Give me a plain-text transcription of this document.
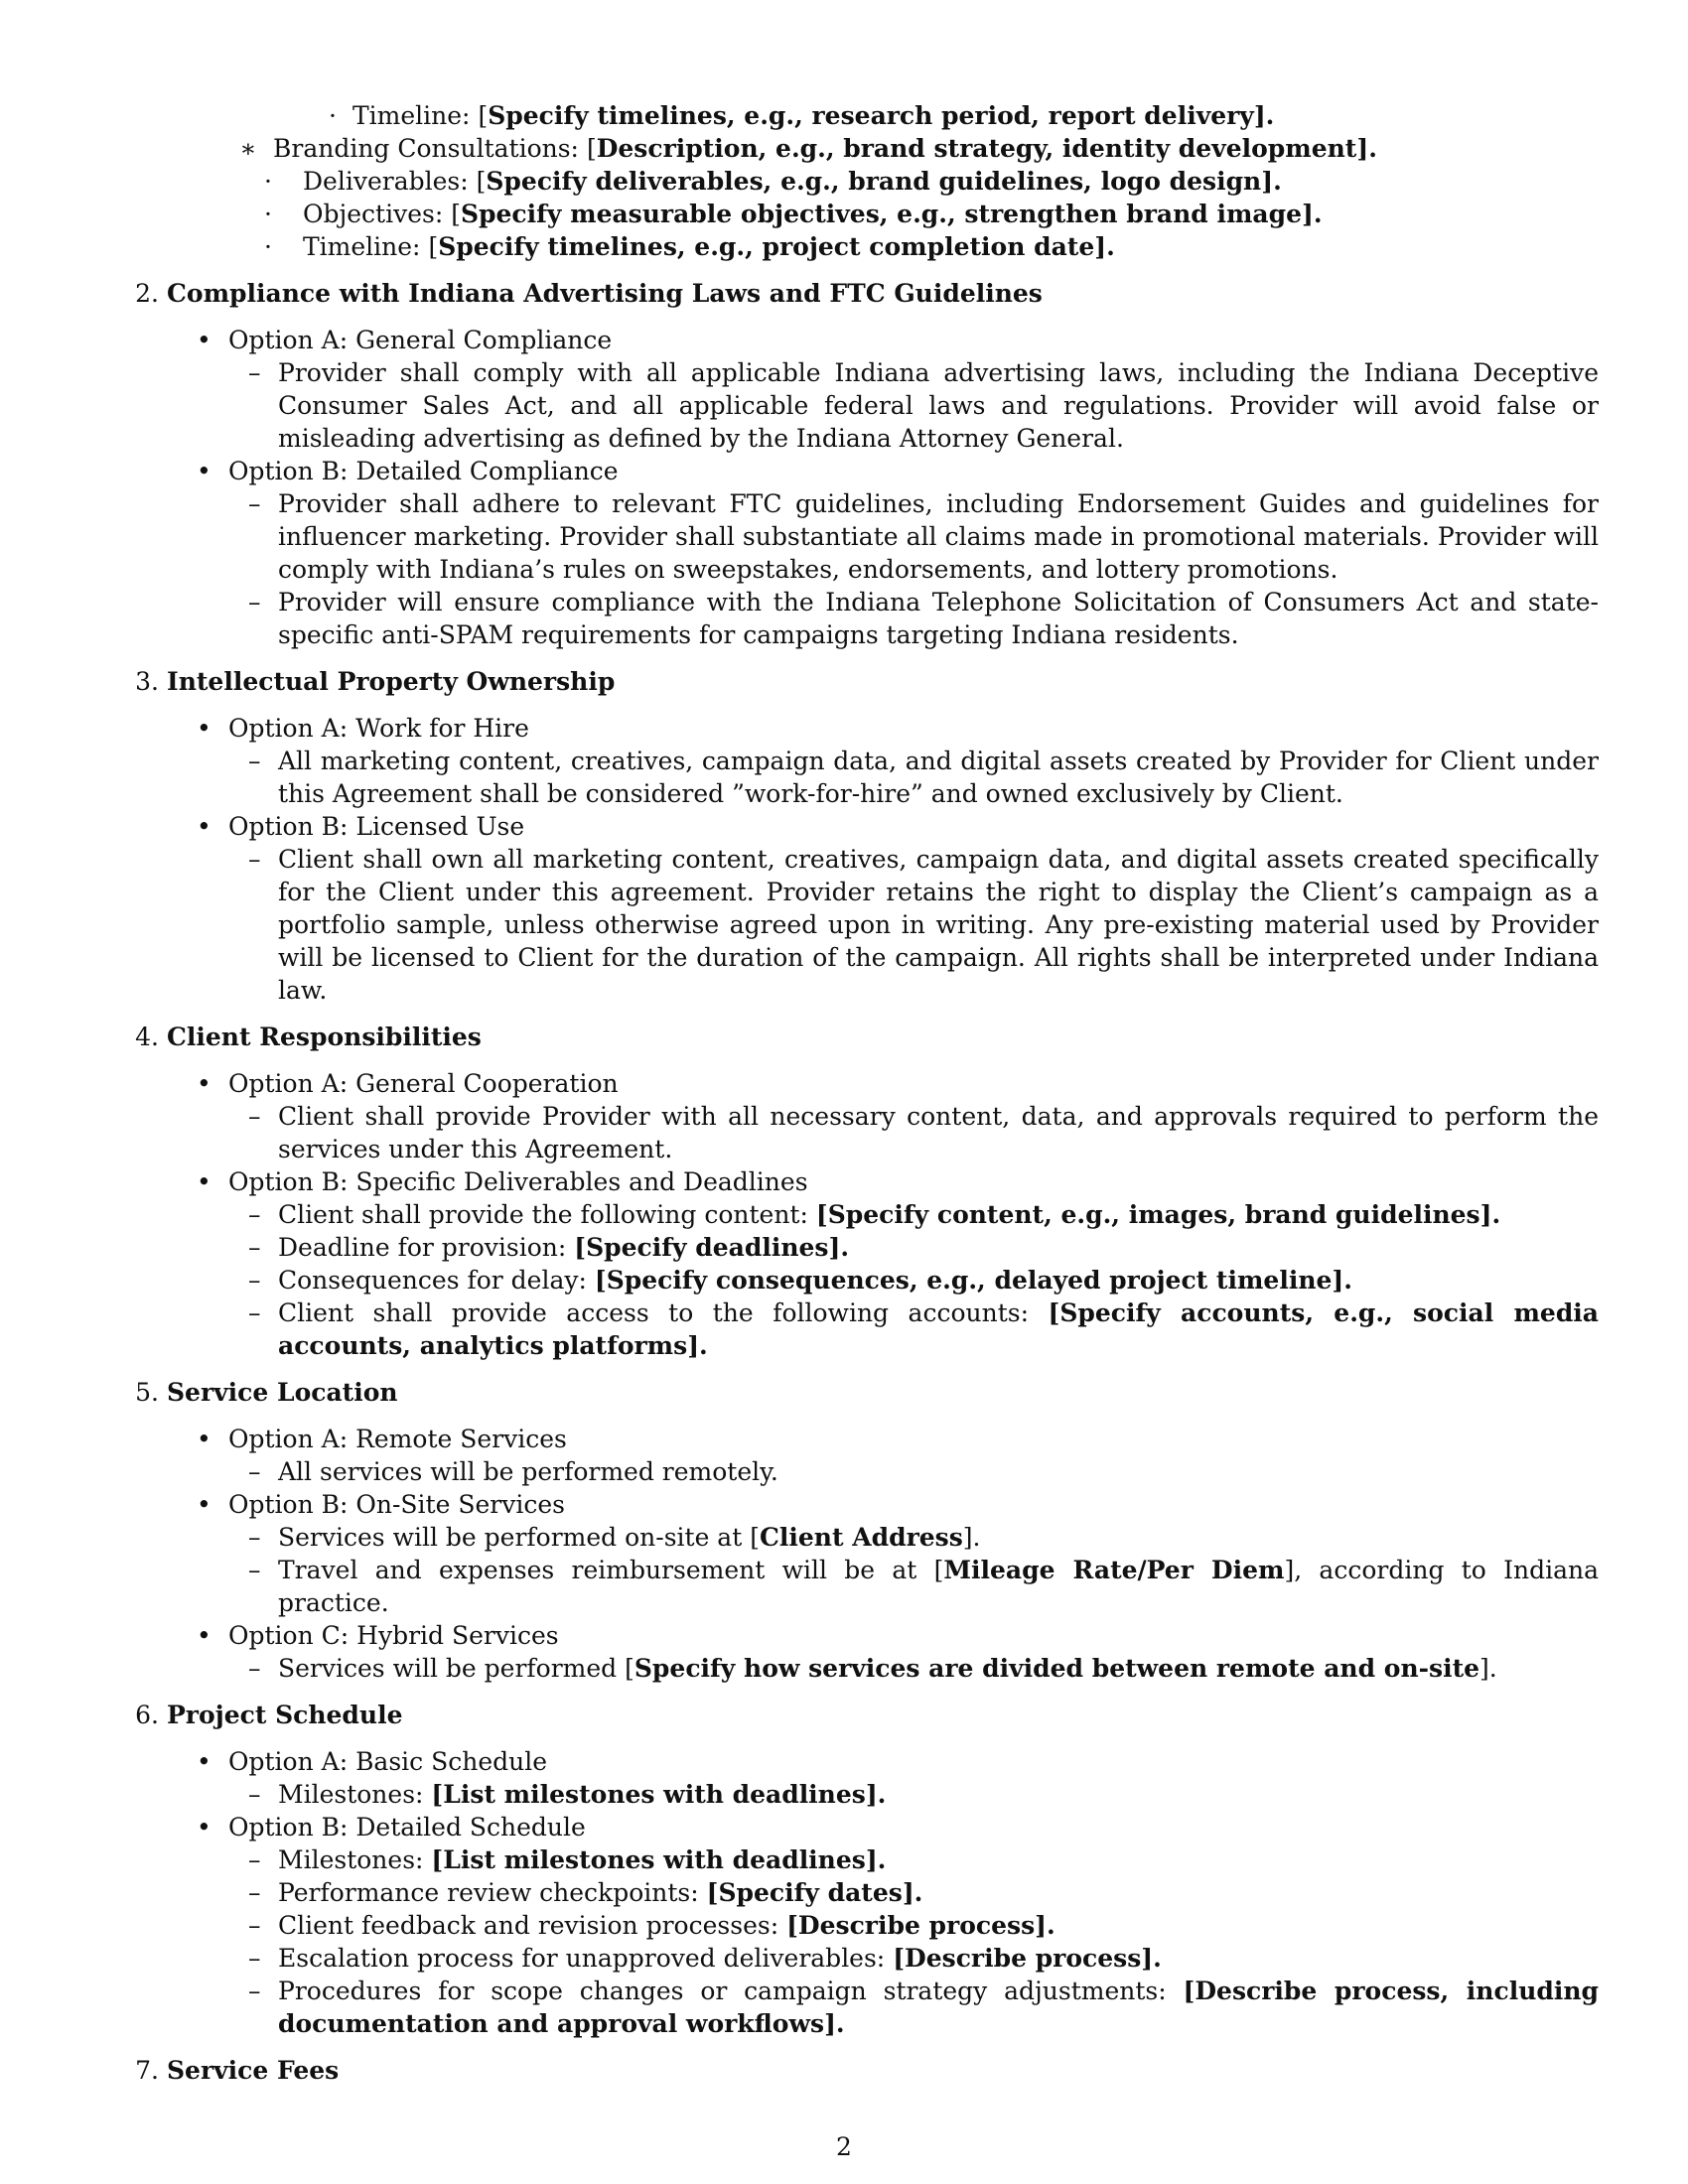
· Timeline: [Specify timelines, e.g., research period, report delivery].
∗ Branding Consultations: [Description, e.g., brand strategy, identity development].
· Deliverables: [Specify deliverables, e.g., brand guidelines, logo design].
· Objectives: [Specify measurable objectives, e.g., strengthen brand image].
· Timeline: [Specify timelines, e.g., project completion date].
2. Compliance with Indiana Advertising Laws and FTC Guidelines
• Option A: General Compliance
– Provider shall comply with all applicable Indiana advertising laws, including the Indiana Deceptive Consumer Sales Act, and all applicable federal laws and regulations. Provider will avoid false or misleading advertising as defined by the Indiana Attorney General.
• Option B: Detailed Compliance
– Provider shall adhere to relevant FTC guidelines, including Endorsement Guides and guidelines for influencer marketing. Provider shall substantiate all claims made in promotional materials. Provider will comply with Indiana’s rules on sweepstakes, endorsements, and lottery promotions.
– Provider will ensure compliance with the Indiana Telephone Solicitation of Consumers Act and state-specific anti-SPAM requirements for campaigns targeting Indiana residents.
3. Intellectual Property Ownership
• Option A: Work for Hire
– All marketing content, creatives, campaign data, and digital assets created by Provider for Client under this Agreement shall be considered ”work-for-hire” and owned exclusively by Client.
• Option B: Licensed Use
– Client shall own all marketing content, creatives, campaign data, and digital assets created specifically for the Client under this agreement. Provider retains the right to display the Client’s campaign as a portfolio sample, unless otherwise agreed upon in writing. Any pre-existing material used by Provider will be licensed to Client for the duration of the campaign. All rights shall be interpreted under Indiana law.
4. Client Responsibilities
• Option A: General Cooperation
– Client shall provide Provider with all necessary content, data, and approvals required to perform the services under this Agreement.
• Option B: Specific Deliverables and Deadlines
– Client shall provide the following content: [Specify content, e.g., images, brand guidelines].
– Deadline for provision: [Specify deadlines].
– Consequences for delay: [Specify consequences, e.g., delayed project timeline].
– Client shall provide access to the following accounts: [Specify accounts, e.g., social media accounts, analytics platforms].
5. Service Location
• Option A: Remote Services
– All services will be performed remotely.
• Option B: On-Site Services
– Services will be performed on-site at [Client Address].
– Travel and expenses reimbursement will be at [Mileage Rate/Per Diem], according to Indiana practice.
• Option C: Hybrid Services
– Services will be performed [Specify how services are divided between remote and on-site].
6. Project Schedule
• Option A: Basic Schedule
– Milestones: [List milestones with deadlines].
• Option B: Detailed Schedule
– Milestones: [List milestones with deadlines].
– Performance review checkpoints: [Specify dates].
– Client feedback and revision processes: [Describe process].
– Escalation process for unapproved deliverables: [Describe process].
– Procedures for scope changes or campaign strategy adjustments: [Describe process, including documentation and approval workflows].
7. Service Fees
2
